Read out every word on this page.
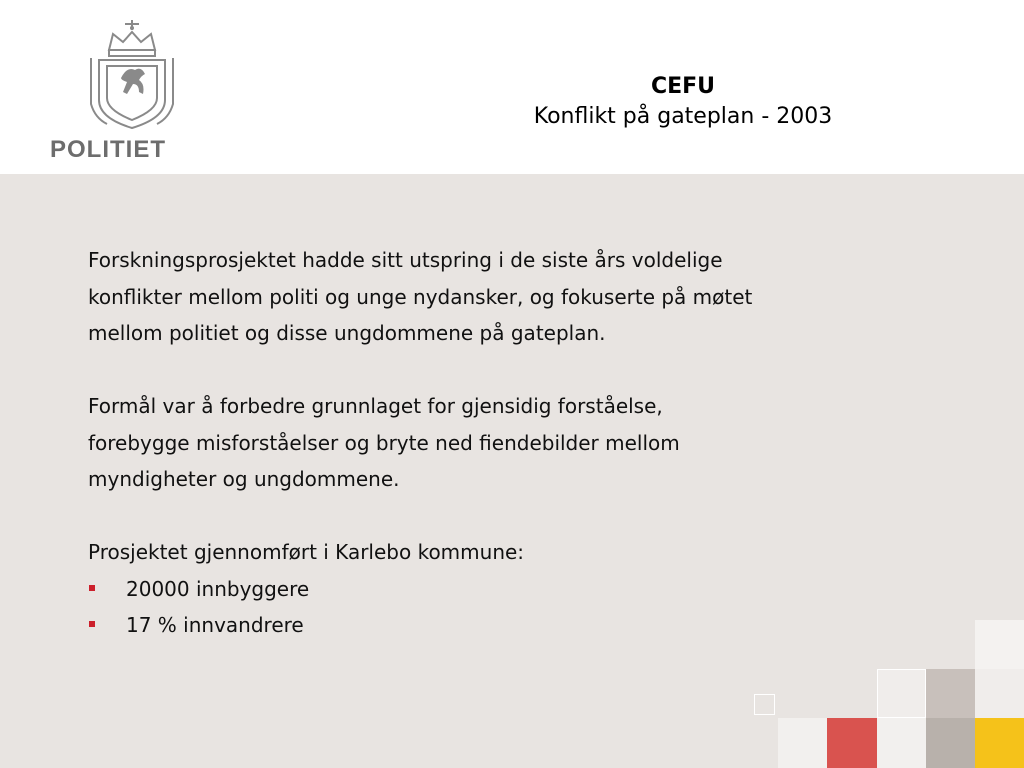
POLITIET
CEFU
Konflikt på gateplan - 2003
Forskningsprosjektet hadde sitt utspring i de siste års voldelige
konflikter mellom politi og unge nydansker, og fokuserte på møtet
mellom politiet og disse ungdommene på gateplan.
Formål var å forbedre grunnlaget for gjensidig forståelse,
forebygge misforståelser og bryte ned fiendebilder mellom
myndigheter og ungdommene.
Prosjektet gjennomført i Karlebo kommune:
20000 innbyggere
17 % innvandrere
